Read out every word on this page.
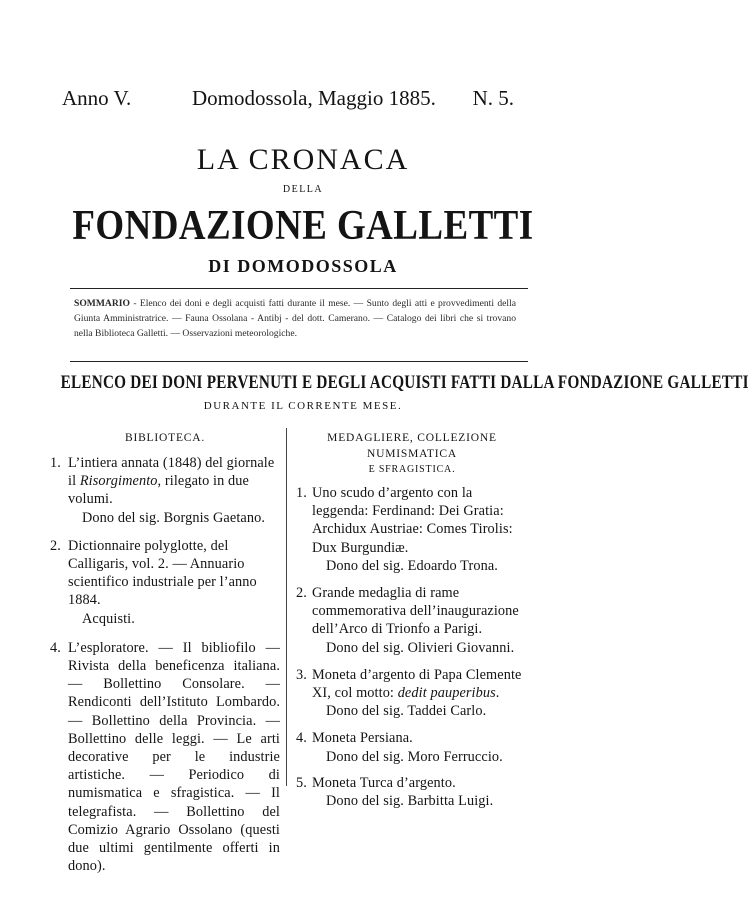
Anno V.	Domodossola, Maggio 1885. N. 5.
LA CRONACA
DELLA
FONDAZIONE GALLETTI
DI DOMODOSSOLA
SOMMARIO - Elenco dei doni e degli acquisti fatti durante il mese. — Sunto degli atti e provvedimenti della Giunta Amministratrice. — Fauna Ossolana - Antibj - del dott. Camerano. — Catalogo dei libri che si trovano nella Biblioteca Galletti. — Osservazioni meteorologiche.
ELENCO DEI DONI PERVENUTI E DEGLI ACQUISTI FATTI DALLA FONDAZIONE GALLETTI
DURANTE IL CORRENTE MESE.
BIBLIOTECA.
1. L’intiera annata (1848) del giornale il Risorgimento, rilegato in due volumi.
Dono del sig. Borgnis Gaetano.
2. Dictionnaire polyglotte, del Calligaris, vol. 2. — Annuario scientifico industriale per l’anno 1884.
Acquisti.
4. L’esploratore. — Il bibliofilo — Rivista della beneficenza italiana. — Bollettino Consolare. — Rendiconti dell’Istituto Lombardo. — Bollettino della Provincia. — Bollettino delle leggi. — Le arti decorative per le industrie artistiche. — Periodico di numismatica e sfragistica. — Il telegrafista. — Bollettino del Comizio Agrario Ossolano (questi due ultimi gentilmente offerti in dono).
MEDAGLIERE, COLLEZIONE NUMISMATICA
E SFRAGISTICA.
1. Uno scudo d’argento con la leggenda: Ferdinand: Dei Gratia: Archidux Austriae: Comes Tirolis: Dux Burgundiæ.
Dono del sig. Edoardo Trona.
2. Grande medaglia di rame commemorativa dell’inaugurazione dell’Arco di Trionfo a Parigi.
Dono del sig. Olivieri Giovanni.
3. Moneta d’argento di Papa Clemente XI, col motto: dedit pauperibus.
Dono del sig. Taddei Carlo.
4. Moneta Persiana.
Dono del sig. Moro Ferruccio.
5. Moneta Turca d’argento.
Dono del sig. Barbitta Luigi.
